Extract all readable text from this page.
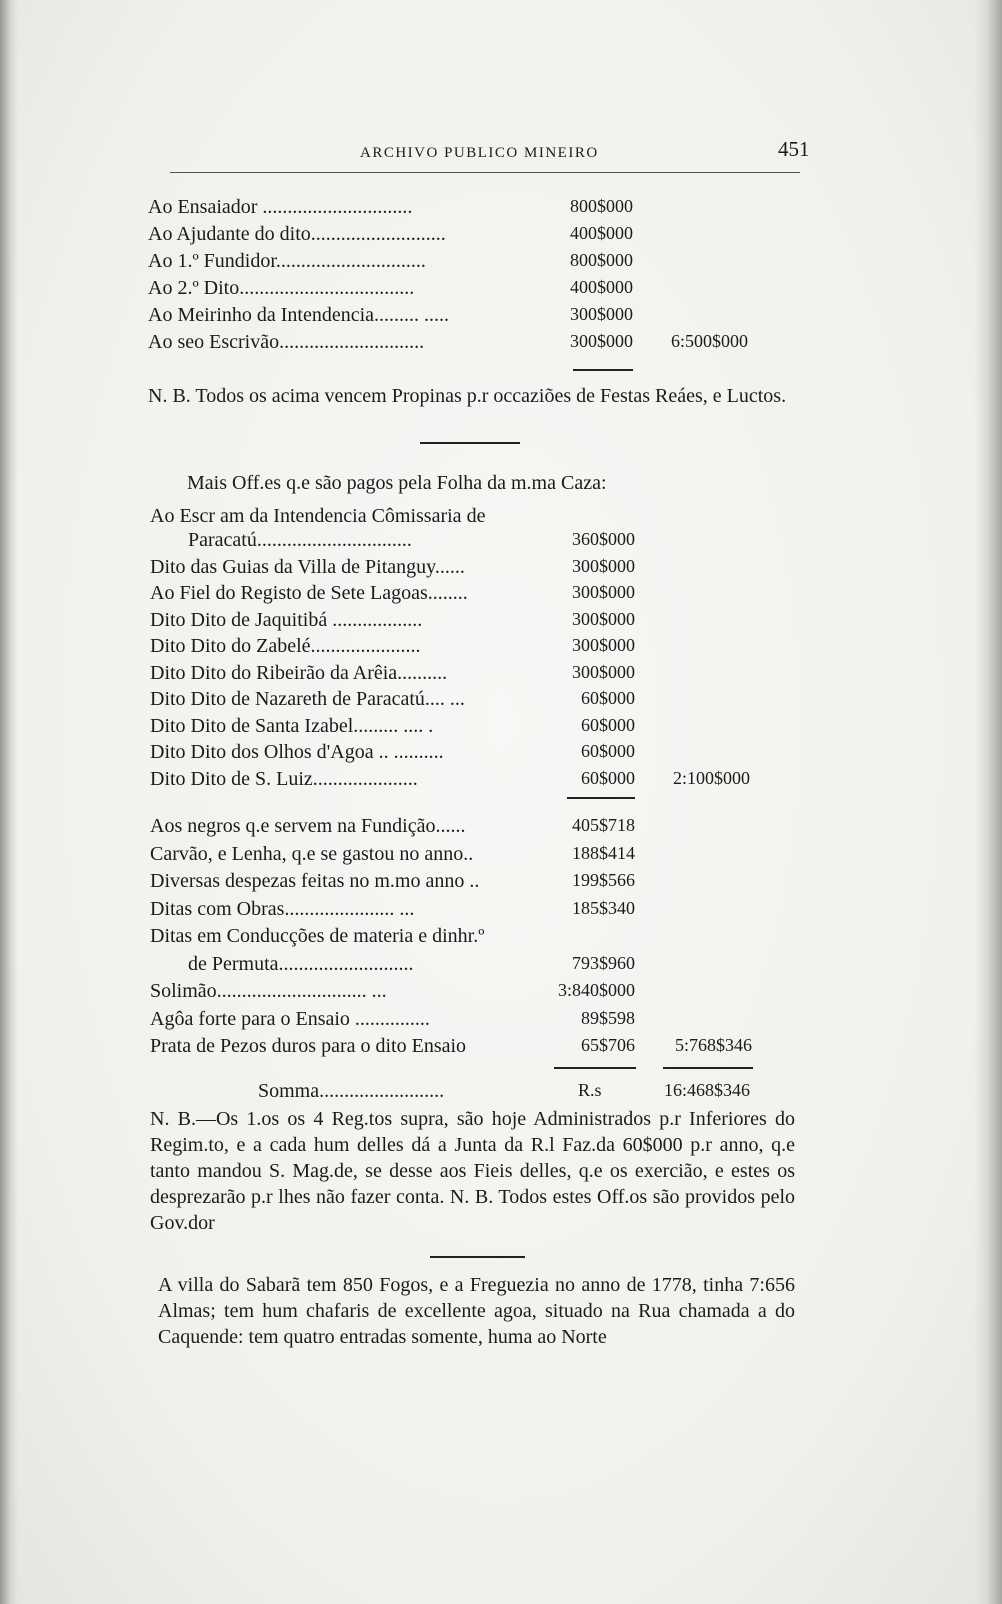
ARCHIVO PUBLICO MINEIRO	451
Ao Ensaiador ..............................	800$000
Ao Ajudante do dito...........................	400$000
Ao 1.º Fundidor..............................	800$000
Ao 2.º Dito...................................	400$000
Ao Meirinho da Intendencia......... .....	300$000
Ao seo Escrivão.............................	300$000	6:500$000
N. B. Todos os acima vencem Propinas p.r occaziões de Festas Reáes, e Luctos.
Mais Off.es q.e são pagos pela Folha da m.ma Caza:
Ao Escr am da Intendencia Cômissaria de
Paracatú...............................	360$000
Dito das Guias da Villa de Pitanguy......	300$000
Ao Fiel do Registo de Sete Lagoas........	300$000
Dito Dito de Jaquitibá ..................	300$000
Dito Dito do Zabelé......................	300$000
Dito Dito do Ribeirão da Arêia..........	300$000
Dito Dito de Nazareth de Paracatú.... ...	60$000
Dito Dito de Santa Izabel......... .... .	60$000
Dito Dito dos Olhos d'Agoa .. ..........	60$000
Dito Dito de S. Luiz.....................	60$000	2:100$000
Aos negros q.e servem na Fundição......	405$718
Carvão, e Lenha, q.e se gastou no anno..	188$414
Diversas despezas feitas no m.mo anno ..	199$566
Ditas com Obras...................... ...	185$340
Ditas em Conducções de materia e dinhr.º
de Permuta...........................	793$960
Solimão.............................. ...	3:840$000
Agôa forte para o Ensaio ...............	89$598
Prata de Pezos duros para o dito Ensaio	65$706	5:768$346
Somma.........................	R.s	16:468$346
N. B.—Os 1.os os 4 Reg.tos supra, são hoje Administrados p.r Inferiores do Regim.to, e a cada hum delles dá a Junta da R.l Faz.da 60$000 p.r anno, q.e tanto mandou S. Mag.de, se desse aos Fieis delles, q.e os exercião, e estes os desprezarão p.r lhes não fazer conta. N. B. Todos estes Off.os são providos pelo Gov.dor
A villa do Sabarã tem 850 Fogos, e a Freguezia no anno de 1778, tinha 7:656 Almas; tem hum chafaris de excellente agoa, situado na Rua chamada a do Caquende: tem quatro entradas somente, huma ao Norte
